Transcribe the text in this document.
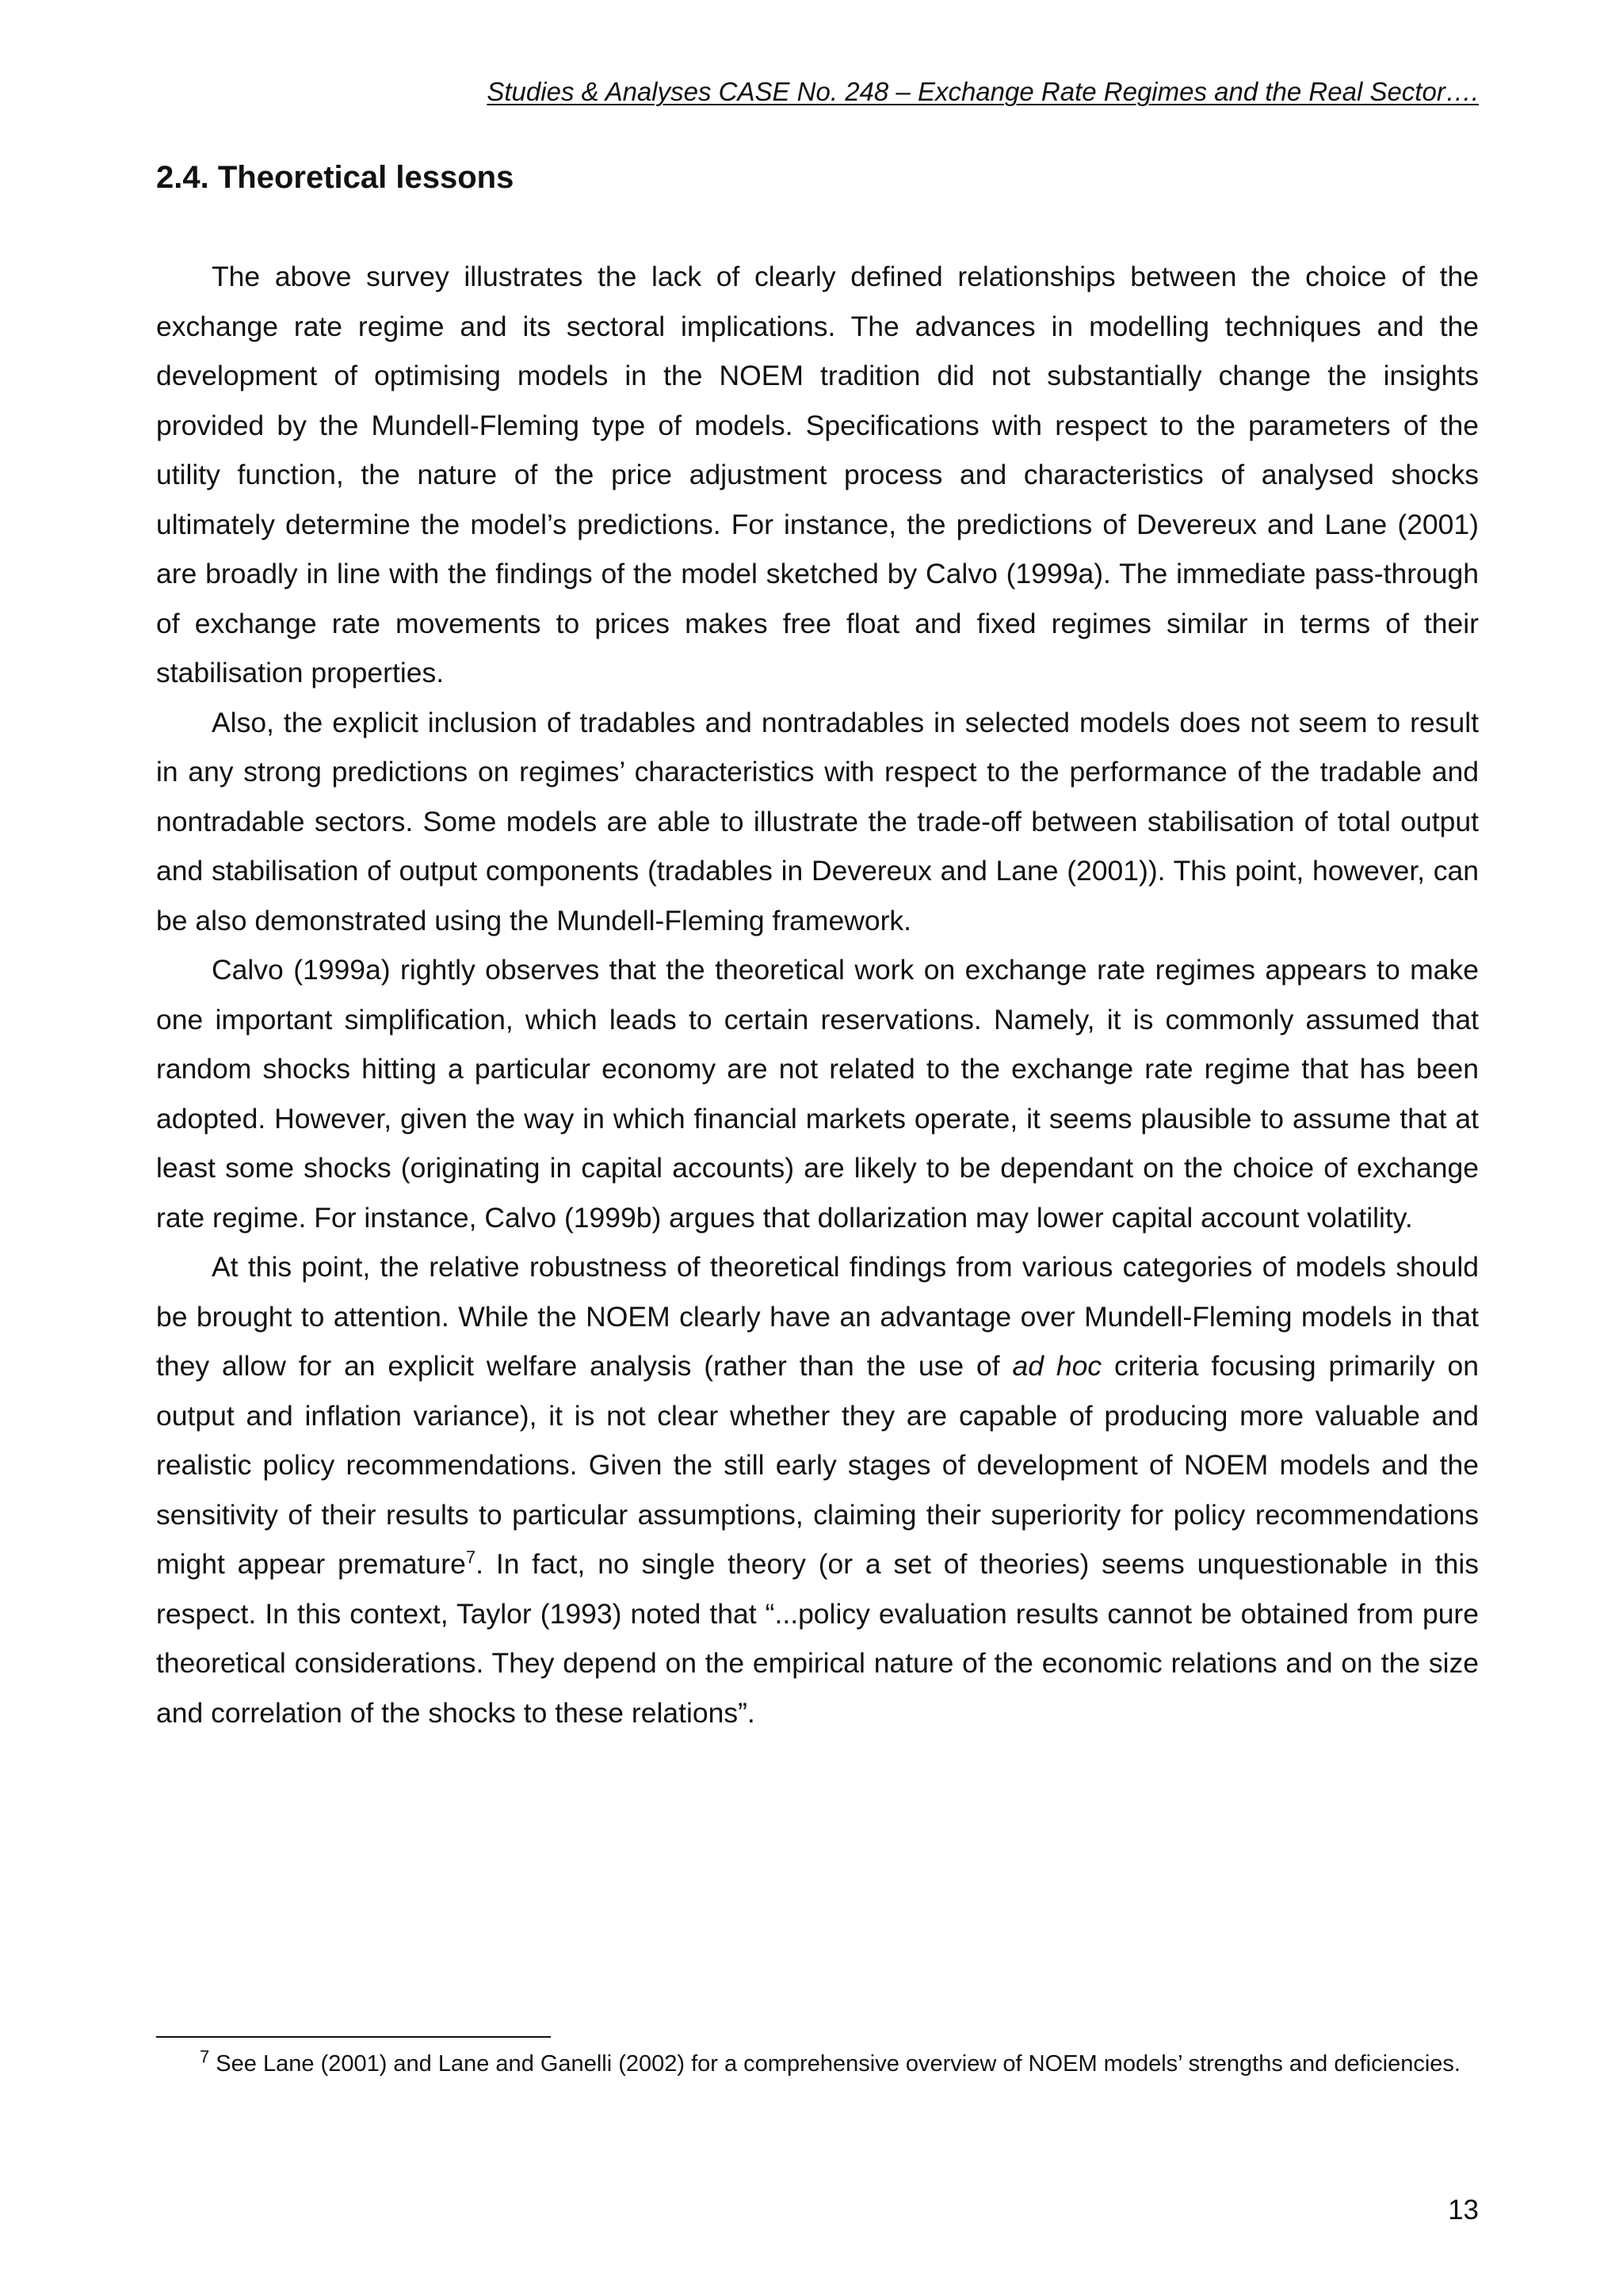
Studies & Analyses CASE No. 248 – Exchange Rate Regimes and the Real Sector….
2.4. Theoretical lessons

The above survey illustrates the lack of clearly defined relationships between the choice of the exchange rate regime and its sectoral implications. The advances in modelling techniques and the development of optimising models in the NOEM tradition did not substantially change the insights provided by the Mundell-Fleming type of models. Specifications with respect to the parameters of the utility function, the nature of the price adjustment process and characteristics of analysed shocks ultimately determine the model’s predictions. For instance, the predictions of Devereux and Lane (2001) are broadly in line with the findings of the model sketched by Calvo (1999a). The immediate pass-through of exchange rate movements to prices makes free float and fixed regimes similar in terms of their stabilisation properties.

Also, the explicit inclusion of tradables and nontradables in selected models does not seem to result in any strong predictions on regimes’ characteristics with respect to the performance of the tradable and nontradable sectors. Some models are able to illustrate the trade-off between stabilisation of total output and stabilisation of output components (tradables in Devereux and Lane (2001)). This point, however, can be also demonstrated using the Mundell-Fleming framework.

Calvo (1999a) rightly observes that the theoretical work on exchange rate regimes appears to make one important simplification, which leads to certain reservations. Namely, it is commonly assumed that random shocks hitting a particular economy are not related to the exchange rate regime that has been adopted. However, given the way in which financial markets operate, it seems plausible to assume that at least some shocks (originating in capital accounts) are likely to be dependant on the choice of exchange rate regime. For instance, Calvo (1999b) argues that dollarization may lower capital account volatility.

At this point, the relative robustness of theoretical findings from various categories of models should be brought to attention. While the NOEM clearly have an advantage over Mundell-Fleming models in that they allow for an explicit welfare analysis (rather than the use of ad hoc criteria focusing primarily on output and inflation variance), it is not clear whether they are capable of producing more valuable and realistic policy recommendations. Given the still early stages of development of NOEM models and the sensitivity of their results to particular assumptions, claiming their superiority for policy recommendations might appear premature$^7$. In fact, no single theory (or a set of theories) seems unquestionable in this respect. In this context, Taylor (1993) noted that “...policy evaluation results cannot be obtained from pure theoretical considerations. They depend on the empirical nature of the economic relations and on the size and correlation of the shocks to these relations”.

$^7$ See Lane (2001) and Lane and Ganelli (2002) for a comprehensive overview of NOEM models’ strengths and deficiencies.

13
